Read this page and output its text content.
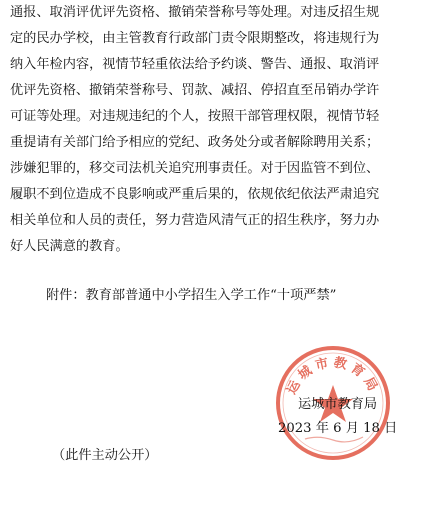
通报、取消评优评先资格、撤销荣誉称号等处理。对违反招生规
定的民办学校，由主管教育行政部门责令限期整改，将违规行为
纳入年检内容，视情节轻重依法给予约谈、警告、通报、取消评
优评先资格、撤销荣誉称号、罚款、减招、停招直至吊销办学许
可证等处理。对违规违纪的个人，按照干部管理权限，视情节轻
重提请有关部门给予相应的党纪、政务处分或者解除聘用关系；
涉嫌犯罪的，移交司法机关追究刑事责任。对于因监管不到位、
履职不到位造成不良影响或严重后果的，依规依纪依法严肃追究
相关单位和人员的责任，努力营造风清气正的招生秩序，努力办
好人民满意的教育。
附件：教育部普通中小学招生入学工作“十项严禁”
运城市教育局
运城市教育局
2023 年 6 月 18 日
（此件主动公开）
